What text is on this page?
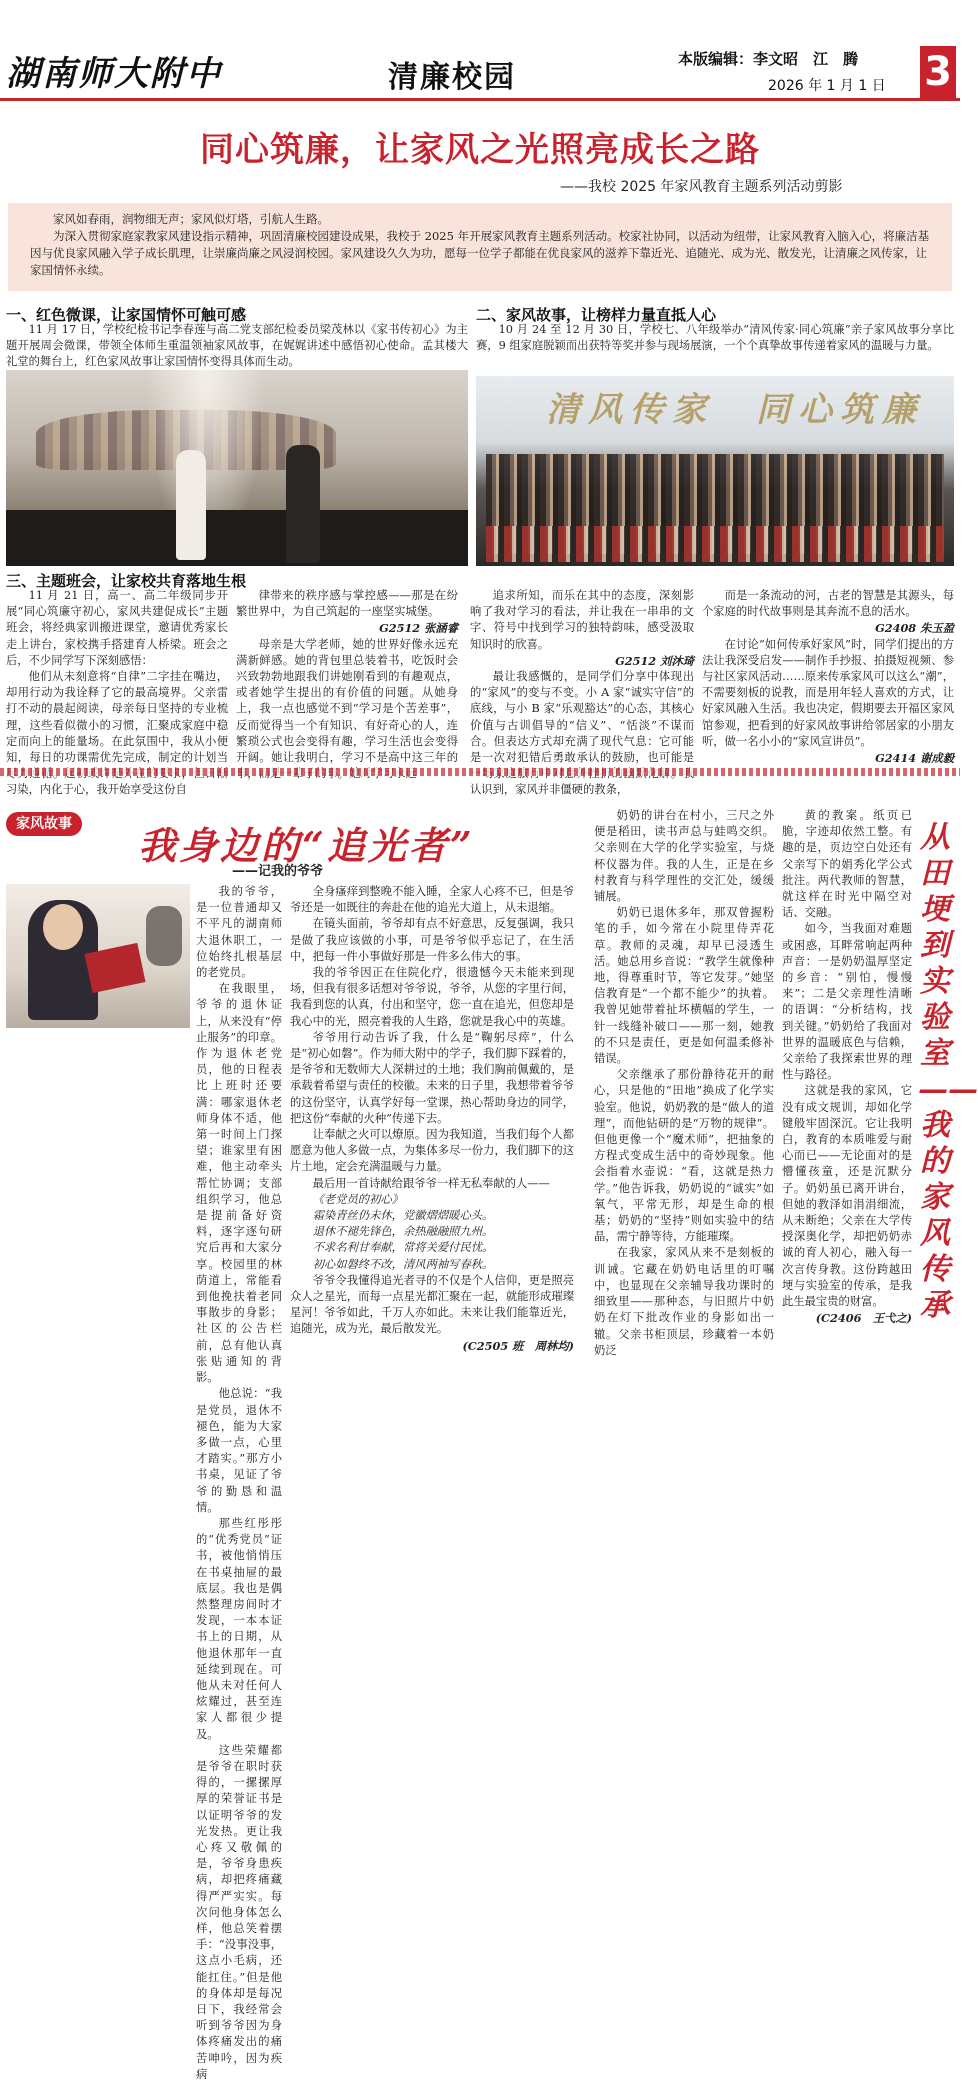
湖南师大附中	清廉校园
本版编辑：李文昭　江　腾
2026 年 1 月 1 日 3
同心筑廉，让家风之光照亮成长之路
——我校 2025 年家风教育主题系列活动剪影

家风如春雨，润物细无声；家风似灯塔，引航人生路。

为深入贯彻家庭家教家风建设指示精神，巩固清廉校园建设成果，我校于 2025 年开展家风教育主题系列活动。校家社协同，以活动为纽带，让家风教育入脑入心，将廉洁基因与优良家风融入学子成长肌理，让崇廉尚廉之风浸润校园。家风建设久久为功，愿每一位学子都能在优良家风的滋养下靠近光、追随光、成为光、散发光，让清廉之风传家，让家国情怀永续。

一、红色微课，让家国情怀可触可感

11 月 17 日，学校纪检书记李春莲与高二党支部纪检委员梁茂林以《家书传初心》为主题开展周会微课，带领全体师生重温领袖家风故事，在娓娓讲述中感悟初心使命。孟其楼大礼堂的舞台上，红色家风故事让家国情怀变得具体而生动。

二、家风故事，让榜样力量直抵人心

10 月 24 至 12 月 30 日，学校七、八年级举办“清风传家·同心筑廉”亲子家风故事分享比赛，9 组家庭脱颖而出获特等奖并参与现场展演，一个个真挚故事传递着家风的温暖与力量。

清风传家　同心筑廉
三、主题班会，让家校共育落地生根

11 月 21 日，高一、高二年级同步开展“同心筑廉守初心，家风共建促成长”主题班会，将经典家训搬进课堂，邀请优秀家长走上讲台，家校携手搭建育人桥梁。班会之后，不少同学写下深刻感悟：

他们从未刻意将“自律”二字挂在嘴边，却用行动为我诠释了它的最高境界。父亲雷打不动的晨起阅读，母亲每日坚持的专业梳理，这些看似微小的习惯，汇聚成家庭中稳定而向上的能量场。在此氛围中，我从小便知，每日的功课需优先完成，制定的计划当 习染，内化于心，我开始享受这份自

律带来的秩序感与掌控感——那是在纷繁世界中，为自己筑起的一座坚实城堡。

G2512 张涵睿

母亲是大学老师，她的世界好像永远充满新鲜感。她的背包里总装着书，吃饭时会兴致勃勃地跟我们讲她刚看到的有趣观点，或者她学生提出的有价值的问题。从她身上，我一点也感觉不到“学习是个苦差事”，反而觉得当一个有知识、有好奇心的人，连繁琐公式也会变得有趣，学习生活也会变得开阔。她让我明白，学习不是高中这三年的

追求所知，而乐在其中的态度，深刻影响了我对学习的看法，并让我在一串串的文字、符号中找到学习的独特韵味，感受汲取知识时的欣喜。

G2512 刘沐琦

最让我感慨的，是同学们分享中体现出的“家风”的变与不变。小 A 家“诚实守信”的底线，与小 B 家“乐观豁达”的心态，其核心价值与古训倡导的“信义”、“恬淡”不谋而合。但表达方式却充满了现代气息：它可能是一次对犯错后勇敢承认的鼓励，也可能是 认识到，家风并非僵硬的教条，

而是一条流动的河，古老的智慧是其源头，每个家庭的时代故事则是其奔流不息的活水。

G2408 朱玉盈

在讨论“如何传承好家风”时，同学们提出的方法让我深受启发——制作手抄报、拍摄短视频、参与社区家风活动……原来传承家风可以这么“潮”，不需要刻板的说教，而是用年轻人喜欢的方式，让好家风融入生活。我也决定，假期要去开福区家风馆参观，把看到的好家风故事讲给邻居家的小朋友听，做一名小小的“家风宣讲员”。

G2414 谢成毅
家风故事 我身边的“追光者”
——记我的爷爷

我的爷爷，是一位普通却又不平凡的湖南师大退休职工，一位始终扎根基层的老党员。

在我眼里，爷爷的退休证上，从来没有“停止服务”的印章。作为退休老党员，他的日程表比上班时还要满：哪家退休老师身体不适，他第一时间上门探望；谁家里有困难，他主动牵头帮忙协调；支部组织学习，他总是提前备好资料，逐字逐句研究后再和大家分享。校园里的林荫道上，常能看到他挽扶着老同事散步的身影；社区的公告栏前，总有他认真张贴通知的背影。

他总说：“我是党员，退休不褪色，能为大家多做一点，心里才踏实。”那方小书桌，见证了爷爷的勤恳和温情。

那些红彤彤的“优秀党员”证书，被他悄悄压在书桌抽屉的最底层。我也是偶然整理房间时才发现，一本本证书上的日期，从他退休那年一直延续到现在。可他从未对任何人炫耀过，甚至连家人都很少提及。

这些荣耀都是爷爷在职时获得的，一摞摞厚厚的荣誉证书是以证明爷爷的发光发热。更让我心疼又敬佩的是，爷爷身患疾病，却把疼痛藏得严严实实。每次问他身体怎么样，他总笑着摆手：“没事没事，这点小毛病，还能扛住。”但是他的身体却是每况日下，我经常会听到爷爷因为身体疼痛发出的痛苦呻吟，因为疾病

全身瘙痒到整晚不能入睡，全家人心疼不已，但是爷爷还是一如既往的奔赴在他的追光大道上，从未退缩。

在镜头面前，爷爷却有点不好意思，反复强调，我只是做了我应该做的小事，可是爷爷似乎忘记了，在生活中，把每一件小事做好那是一件多么伟大的事。

我的爷爷因正在住院化疗，很遗憾今天未能来到现场，但我有很多话想对爷爷说，爷爷，从您的字里行间，我看到您的认真，付出和坚守，您一直在追光，但您却是我心中的光，照亮着我的人生路，您就是我心中的英雄。

爷爷用行动告诉了我，什么是“鞠躬尽瘁”，什么是“初心如磐”。作为师大附中的学子，我们脚下踩着的，是爷爷和无数师大人深耕过的土地；我们胸前佩戴的，是承载着希望与责任的校徽。未来的日子里，我想带着爷爷的这份坚守，认真学好每一堂课，热心帮助身边的同学，把这份“奉献的火种”传递下去。

让奉献之火可以燎原。因为我知道，当我们每个人都愿意为他人多做一点，为集体多尽一份力，我们脚下的这片土地，定会充满温暖与力量。

最后用一首诗献给跟爷爷一样无私奉献的人——

《老党员的初心》
霜染青丝仍未休，党徽熠熠暖心头。
退休不褪先锋色，余热融融照九州。
不求名利甘奉献，常将关爱付民忧。
初心如磐终不改，清风两袖写春秋。

爷爷令我懂得追光者寻的不仅是个人信仰，更是照亮众人之星光，而每一点星光都汇聚在一起，就能形成璀璨星河！爷爷如此，千万人亦如此。未来让我们能靠近光，追随光，成为光，最后散发光。

(C2505 班　周林均)

奶奶的讲台在村小，三尺之外便是稻田，读书声总与蛙鸣交织。父亲则在大学的化学实验室，与烧杯仪器为伴。我的人生，正是在乡村教育与科学理性的交汇处，缓缓铺展。

奶奶已退休多年，那双曾握粉笔的手，如今常在小院里侍弄花草。教师的灵魂，却早已浸透生活。她总用乡音说：“教学生就像种地，得尊重时节，等它发芽。”她坚信教育是“一个都不能少”的执着。我曾见她带着扯坏横幅的学生，一针一线缝补破口——那一刻，她教的不只是责任，更是如何温柔修补错误。

父亲继承了那份静待花开的耐心，只是他的“田地”换成了化学实验室。他说，奶奶教的是“做人的道理”，而他钻研的是“万物的规律”。但他更像一个“魔术师”，把抽象的方程式变成生活中的奇妙现象。他会指着水壶说：“看，这就是热力学。”他告诉我，奶奶说的“诚实”如氧气，平常无形，却是生命的根基；奶奶的“坚持”则如实验中的结晶，需宁静等待，方能璀璨。

在我家，家风从来不是刻板的训诫。它藏在奶奶电话里的叮嘱中，也显现在父亲辅导我功课时的细致里——那种态，与旧照片中奶奶在灯下批改作业的身影如出一辙。父亲书柜顶层，珍藏着一本奶奶泛

黄的教案。纸页已脆，字迹却依然工整。有趣的是，页边空白处还有父亲写下的娟秀化学公式批注。两代教师的智慧，就这样在时光中隔空对话、交融。

如今，当我面对难题或困惑，耳畔常响起两种声音：一是奶奶温厚坚定的乡音：“别怕，慢慢来”；二是父亲理性清晰的语调：“分析结构，找到关键。”奶奶给了我面对世界的温暖底色与信赖，父亲给了我探索世界的理性与路径。

这就是我的家风，它没有成文规训，却如化学键般牢固深沉。它让我明白，教育的本质唯爱与耐心而已——无论面对的是懵懂孩童，还是沉默分子。奶奶虽已离开讲台，但她的教泽如涓涓细流，从未断绝；父亲在大学传授深奥化学，却把奶奶赤诚的育人初心，融入每一次言传身教。这份跨越田埂与实验室的传承，是我此生最宝贵的财富。

(C2406　王弋之)
从田埂到实验室——我的家风传承
